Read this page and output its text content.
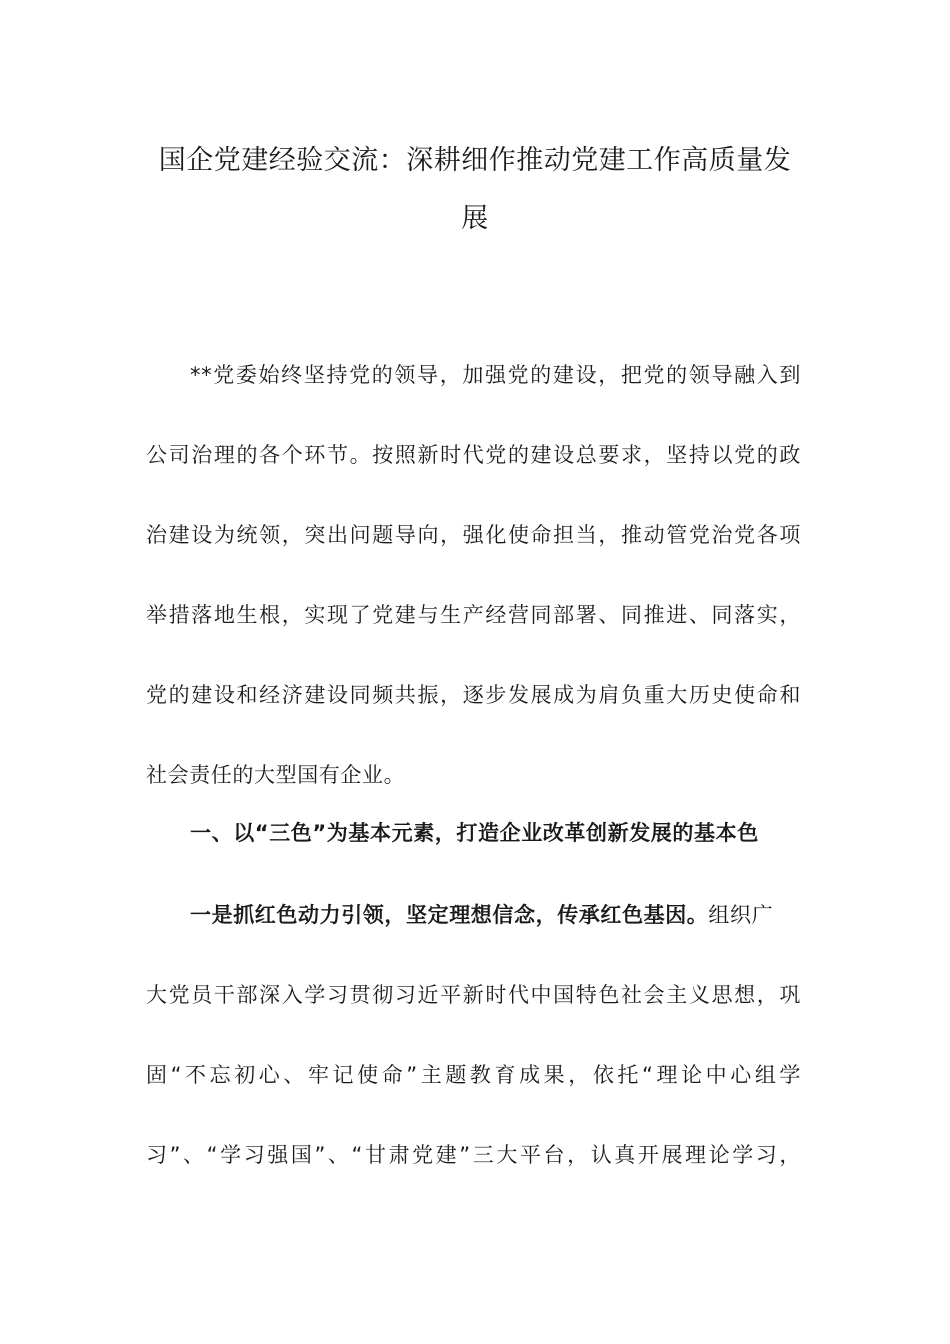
国企党建经验交流：深耕细作推动党建工作高质量发
展
**党委始终坚持党的领导，加强党的建设，把党的领导融入到
公司治理的各个环节。按照新时代党的建设总要求，坚持以党的政
治建设为统领，突出问题导向，强化使命担当，推动管党治党各项
举措落地生根，实现了党建与生产经营同部署、同推进、同落实，
党的建设和经济建设同频共振，逐步发展成为肩负重大历史使命和
社会责任的大型国有企业。
一、以“三色”为基本元素，打造企业改革创新发展的基本色
一是抓红色动力引领，坚定理想信念，传承红色基因。组织广
大党员干部深入学习贯彻习近平新时代中国特色社会主义思想，巩
固“不忘初心、牢记使命”主题教育成果，依托“理论中心组学
习”、“学习强国”、“甘肃党建”三大平台，认真开展理论学习，
